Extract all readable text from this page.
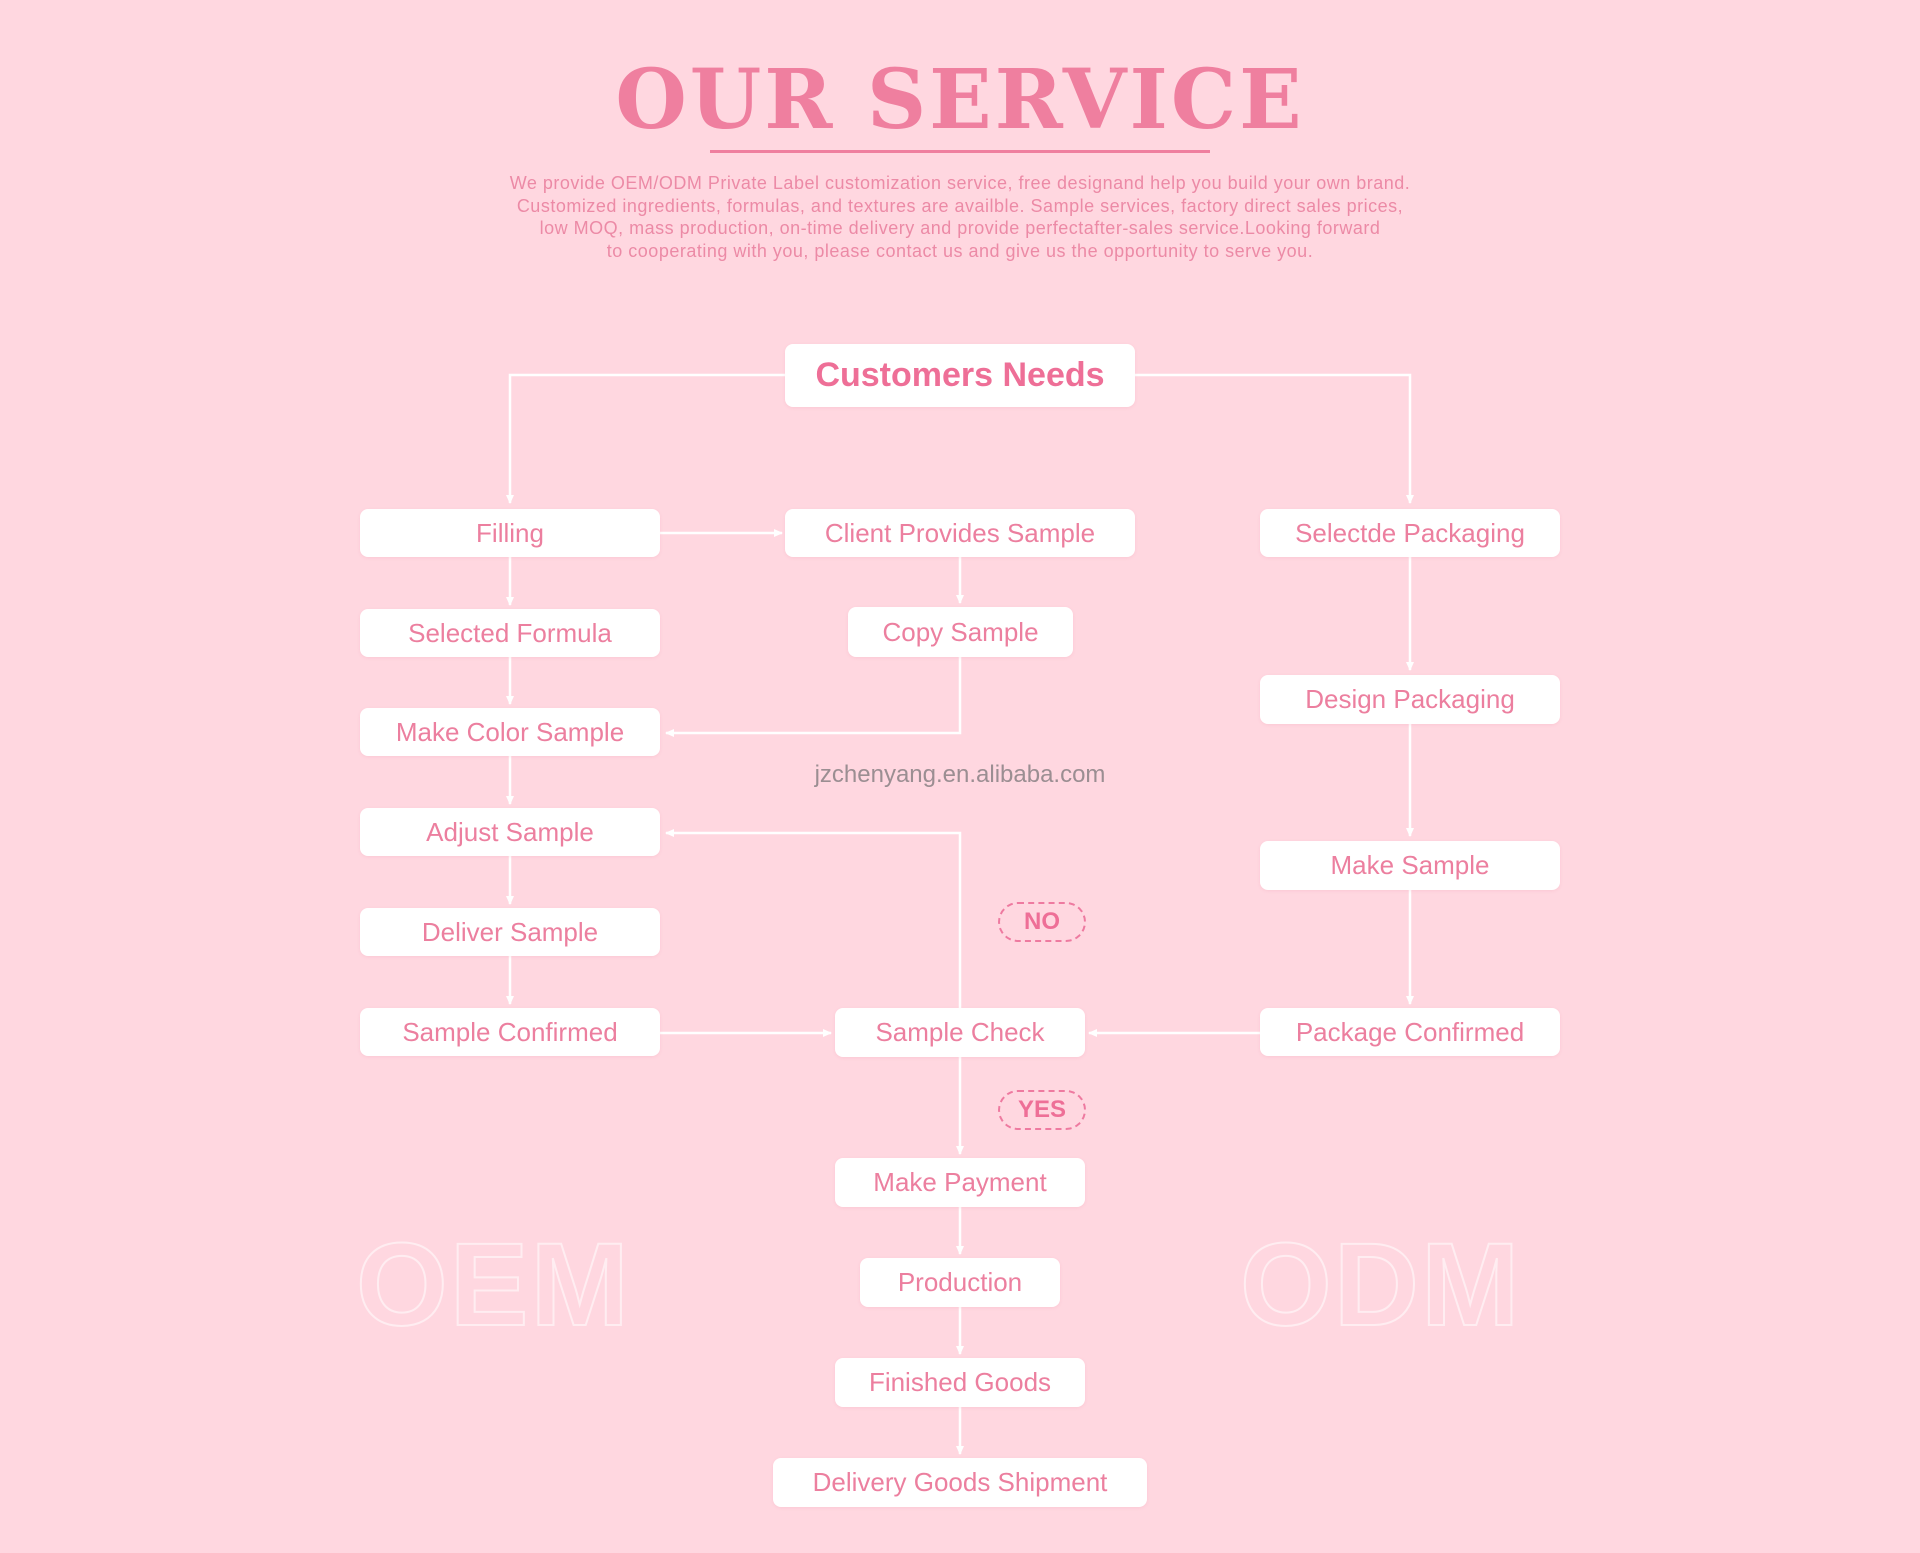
OUR SERVICE
We provide OEM/ODM Private Label customization service, free designand help you build your own brand.
Customized ingredients, formulas, and textures are availble. Sample services, factory direct sales prices,
low MOQ, mass production, on-time delivery and provide perfectafter-sales service.Looking forward
to cooperating with you, please contact us and give us the opportunity to serve you.
OEM	ODM
jzchenyang.en.alibaba.com
Customers Needs
Filling
Selected Formula
Make Color Sample
Adjust Sample
Deliver Sample
Sample Confirmed
Client Provides Sample
Copy Sample
Sample Check
Make Payment
Production
Finished Goods
Delivery Goods Shipment
Selectde Packaging
Design Packaging
Make Sample
Package Confirmed
NO
YES
